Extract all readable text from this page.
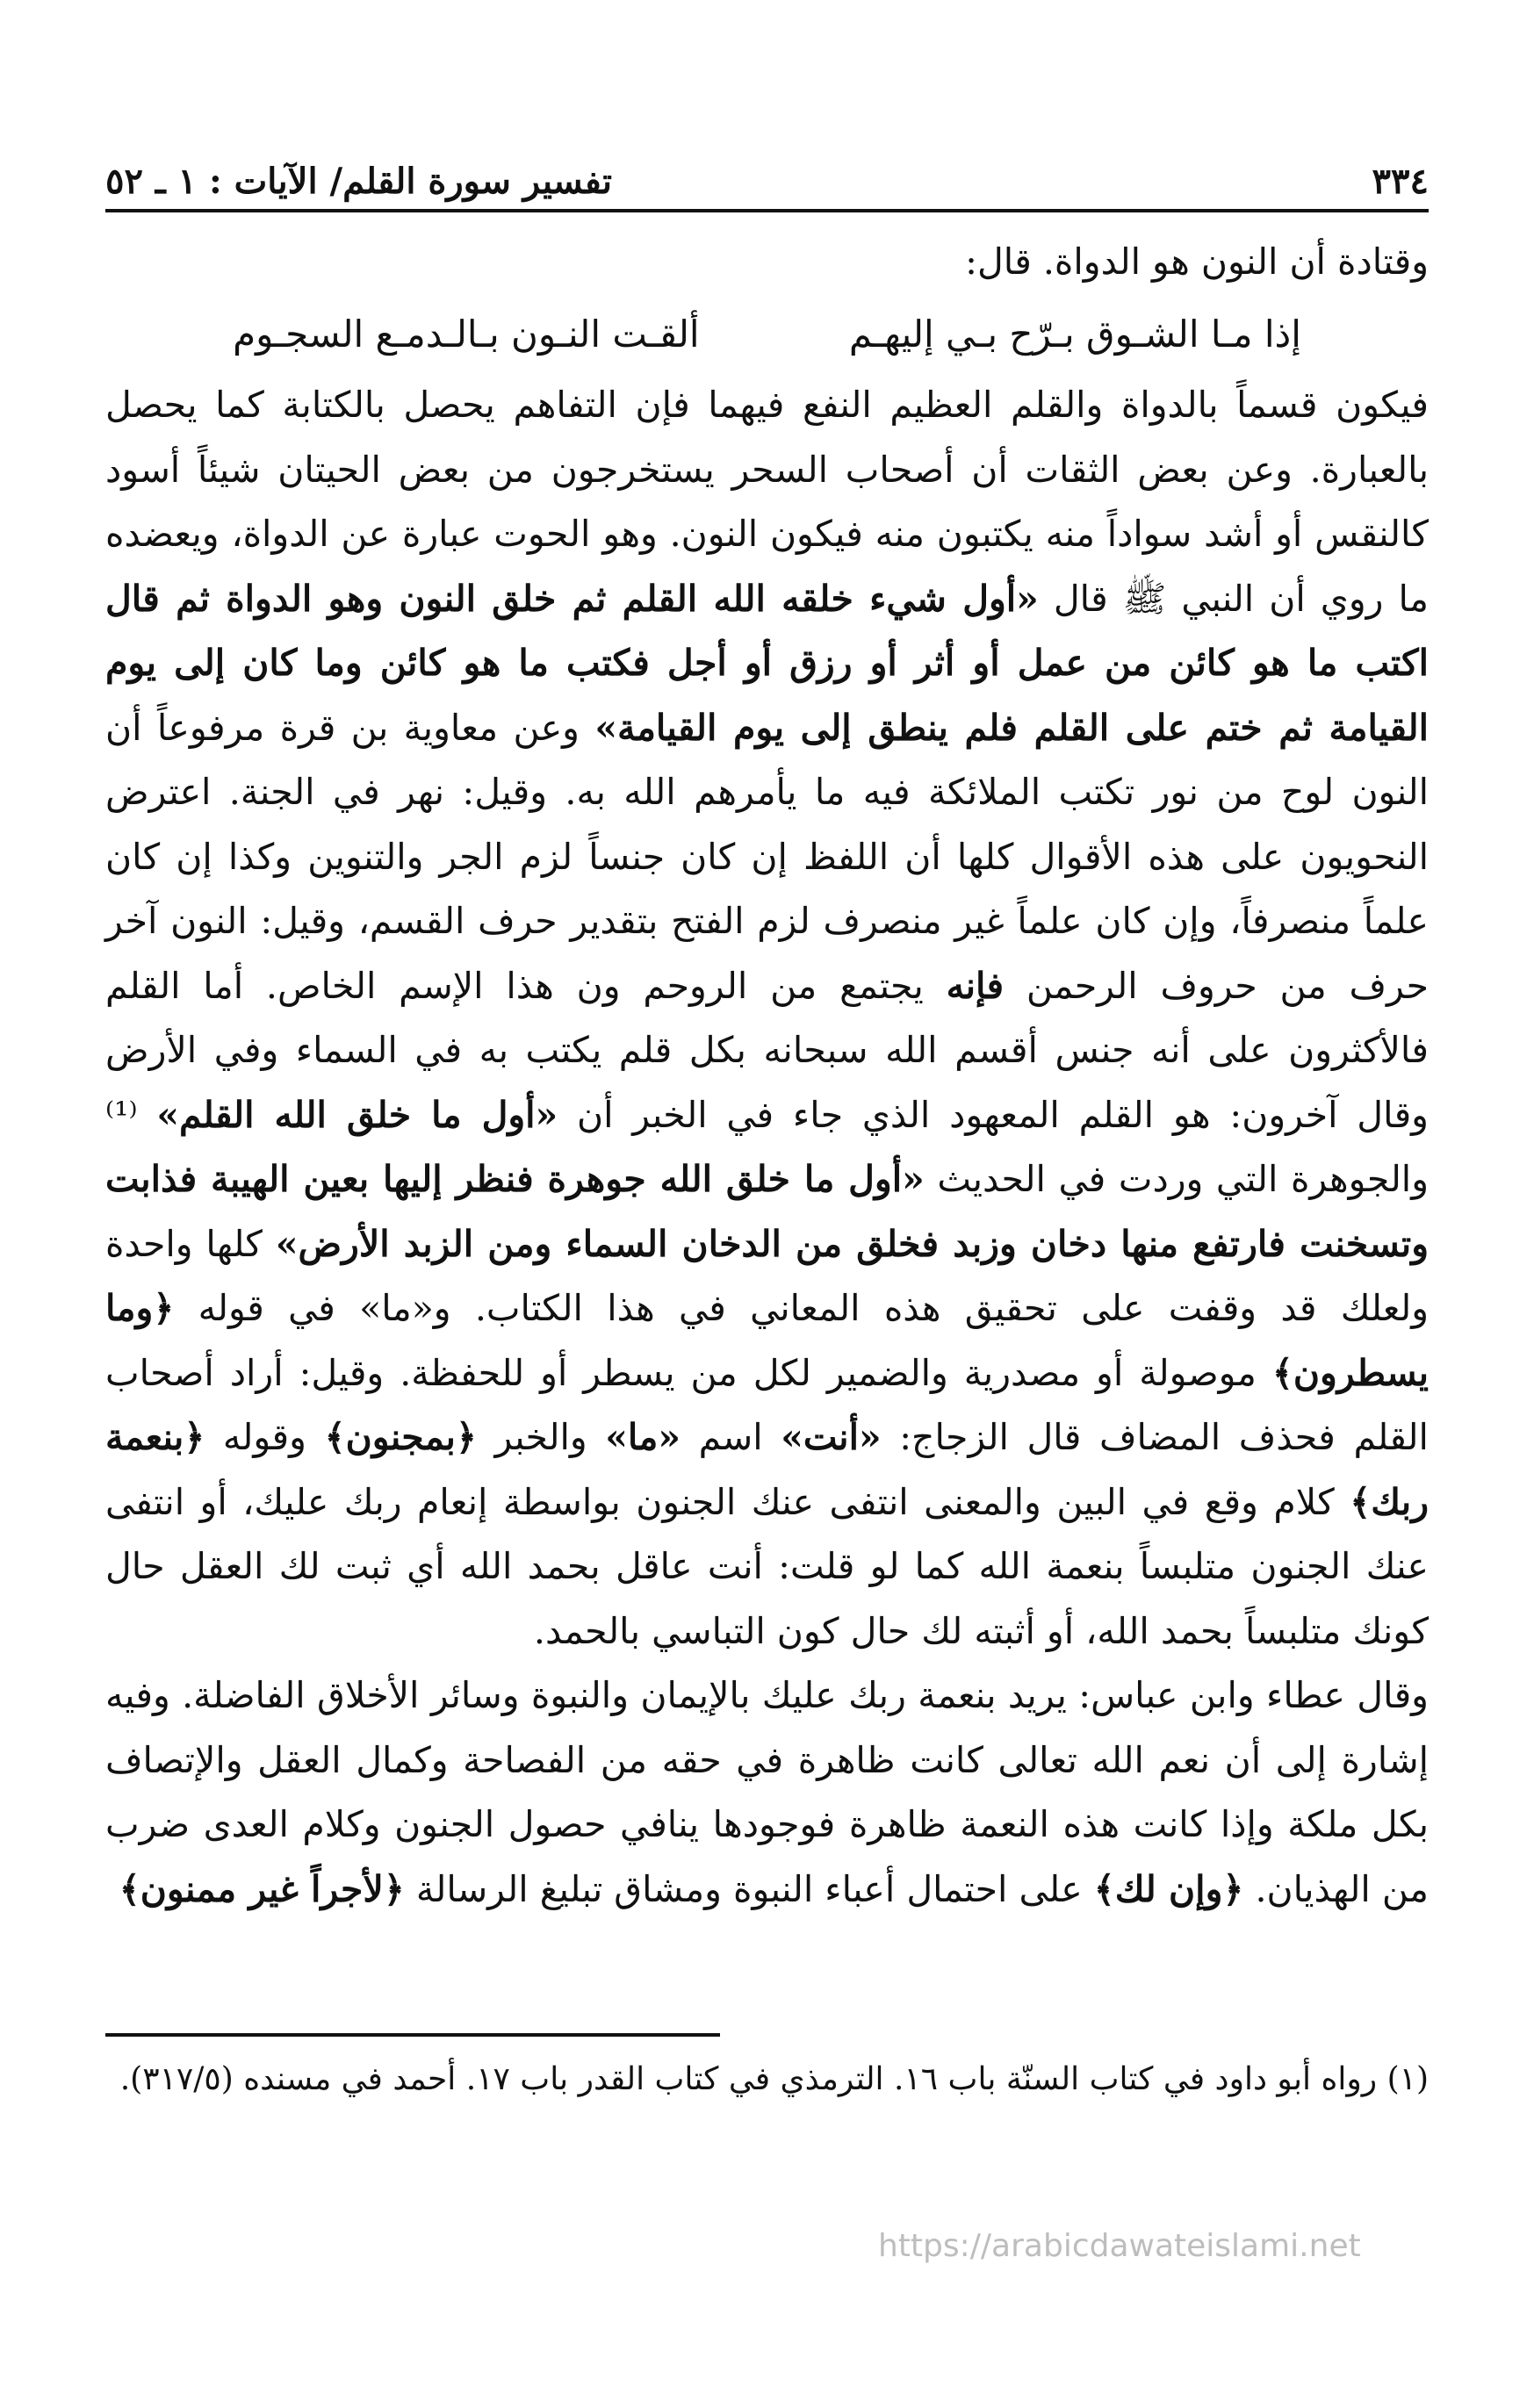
٣٣٤
تفسير سورة القلم/ الآيات : ١ ـ ٥٢

وقتادة أن النون هو الدواة. قال:

إذا مـا الشـوق بـرّح بـي إليهـم
ألقـت النـون بـالـدمـع السجـوم

فيكون قسماً بالدواة والقلم العظيم النفع فيهما فإن التفاهم يحصل بالكتابة كما يحصل بالعبارة. وعن بعض الثقات أن أصحاب السحر يستخرجون من بعض الحيتان شيئاً أسود كالنقس أو أشد سواداً منه يكتبون منه فيكون النون. وهو الحوت عبارة عن الدواة، ويعضده ما روي أن النبي ﷺ قال «أول شيء خلقه الله القلم ثم خلق النون وهو الدواة ثم قال اكتب ما هو كائن من عمل أو أثر أو رزق أو أجل فكتب ما هو كائن وما كان إلى يوم القيامة ثم ختم على القلم فلم ينطق إلى يوم القيامة» وعن معاوية بن قرة مرفوعاً أن النون لوح من نور تكتب الملائكة فيه ما يأمرهم الله به. وقيل: نهر في الجنة. اعترض النحويون على هذه الأقوال كلها أن اللفظ إن كان جنساً لزم الجر والتنوين وكذا إن كان علماً منصرفاً، وإن كان علماً غير منصرف لزم الفتح بتقدير حرف القسم، وقيل: النون آخر حرف من حروف الرحمن فإنه يجتمع من الروحم ون هذا الإسم الخاص. أما القلم فالأكثرون على أنه جنس أقسم الله سبحانه بكل قلم يكتب به في السماء وفي الأرض وقال آخرون: هو القلم المعهود الذي جاء في الخبر أن «أول ما خلق الله القلم» ⁽¹⁾ والجوهرة التي وردت في الحديث «أول ما خلق الله جوهرة فنظر إليها بعين الهيبة فذابت وتسخنت فارتفع منها دخان وزبد فخلق من الدخان السماء ومن الزبد الأرض» كلها واحدة ولعلك قد وقفت على تحقيق هذه المعاني في هذا الكتاب. و«ما» في قوله ﴿وما يسطرون﴾ موصولة أو مصدرية والضمير لكل من يسطر أو للحفظة. وقيل: أراد أصحاب القلم فحذف المضاف قال الزجاج: «أنت» اسم «ما» والخبر ﴿بمجنون﴾ وقوله ﴿بنعمة ربك﴾ كلام وقع في البين والمعنى انتفى عنك الجنون بواسطة إنعام ربك عليك، أو انتفى عنك الجنون متلبساً بنعمة الله كما لو قلت: أنت عاقل بحمد الله أي ثبت لك العقل حال كونك متلبساً بحمد الله، أو أثبته لك حال كون التباسي بالحمد.

وقال عطاء وابن عباس: يريد بنعمة ربك عليك بالإيمان والنبوة وسائر الأخلاق الفاضلة. وفيه إشارة إلى أن نعم الله تعالى كانت ظاهرة في حقه من الفصاحة وكمال العقل والإتصاف بكل ملكة وإذا كانت هذه النعمة ظاهرة فوجودها ينافي حصول الجنون وكلام العدى ضرب من الهذيان. ﴿وإن لك﴾ على احتمال أعباء النبوة ومشاق تبليغ الرسالة ﴿لأجراً غير ممنون﴾

(١) رواه أبو داود في كتاب السنّة باب ١٦. الترمذي في كتاب القدر باب ١٧. أحمد في مسنده (٣١٧/٥).
https://arabicdawateislami.net
